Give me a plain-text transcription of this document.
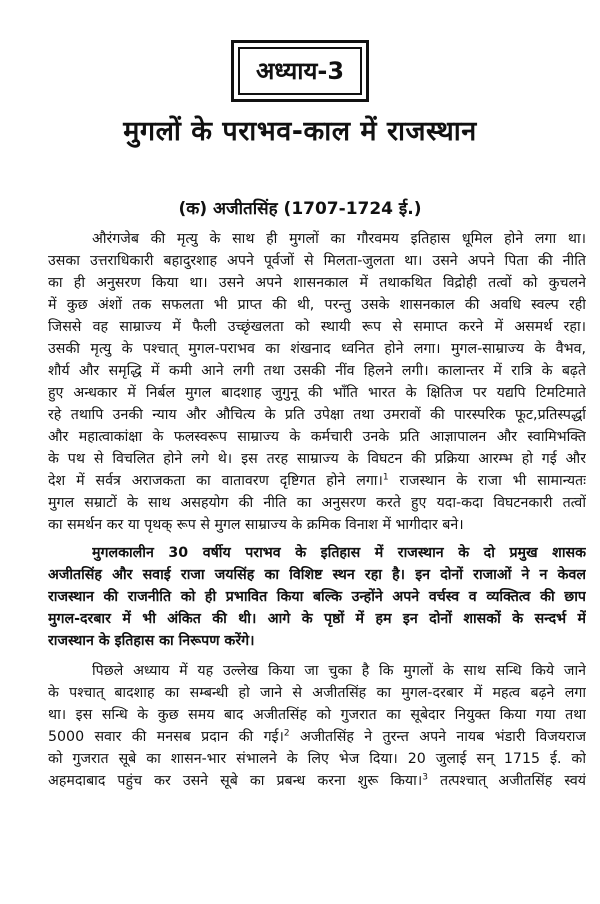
अध्याय-3
मुगलों के पराभव-काल में राजस्थान
(क) अजीतसिंह (1707-1724 ई.)
औरंगजेब की मृत्यु के साथ ही मुगलों का गौरवमय इतिहास धूमिल होने लगा था।
उसका उत्तराधिकारी बहादुरशाह अपने पूर्वजों से मिलता-जुलता था। उसने अपने पिता की नीति
का ही अनुसरण किया था। उसने अपने शासनकाल में तथाकथित विद्रोही तत्वों को कुचलने
में कुछ अंशों तक सफलता भी प्राप्त की थी, परन्तु उसके शासनकाल की अवधि स्वल्प रही
जिससे वह साम्राज्य में फैली उच्छृंखलता को स्थायी रूप से समाप्त करने में असमर्थ रहा।
उसकी मृत्यु के पश्चात् मुगल-पराभव का शंखनाद ध्वनित होने लगा। मुगल-साम्राज्य के वैभव,
शौर्य और समृद्धि में कमी आने लगी तथा उसकी नींव हिलने लगी। कालान्तर में रात्रि के बढ़ते
हुए अन्धकार में निर्बल मुगल बादशाह जुगुनू की भाँति भारत के क्षितिज पर यद्यपि टिमटिमाते
रहे तथापि उनकी न्याय और औचित्य के प्रति उपेक्षा तथा उमरावों की पारस्परिक फूट,प्रतिस्पर्द्धा
और महात्वाकांक्षा के फलस्वरूप साम्राज्य के कर्मचारी उनके प्रति आज्ञापालन और स्वामिभक्ति
के पथ से विचलित होने लगे थे। इस तरह साम्राज्य के विघटन की प्रक्रिया आरम्भ हो गई और
देश में सर्वत्र अराजकता का वातावरण दृष्टिगत होने लगा।$^1$ राजस्थान के राजा भी सामान्यतः
मुगल सम्राटों के साथ असहयोग की नीति का अनुसरण करते हुए यदा-कदा विघटनकारी तत्वों
का समर्थन कर या पृथक् रूप से मुगल साम्राज्य के क्रमिक विनाश में भागीदार बने।
मुगलकालीन 30 वर्षीय पराभव के इतिहास में राजस्थान के दो प्रमुख शासक
अजीतसिंह और सवाई राजा जयसिंह का विशिष्ट स्थन रहा है। इन दोनों राजाओं ने न केवल
राजस्थान की राजनीति को ही प्रभावित किया बल्कि उन्होंने अपने वर्चस्व व व्यक्तित्व की छाप
मुगल-दरबार में भी अंकित की थी। आगे के पृष्ठों में हम इन दोनों शासकों के सन्दर्भ में
राजस्थान के इतिहास का निरूपण करेंगे।
पिछले अध्याय में यह उल्लेख किया जा चुका है कि मुगलों के साथ सन्धि किये जाने
के पश्चात् बादशाह का सम्बन्धी हो जाने से अजीतसिंह का मुगल-दरबार में महत्व बढ़ने लगा
था। इस सन्धि के कुछ समय बाद अजीतसिंह को गुजरात का सूबेदार नियुक्त किया गया तथा
5000 सवार की मनसब प्रदान की गई।$^2$ अजीतसिंह ने तुरन्त अपने नायब भंडारी विजयराज
को गुजरात सूबे का शासन-भार संभालने के लिए भेज दिया। 20 जुलाई सन् 1715 ई. को
अहमदाबाद पहुंच कर उसने सूबे का प्रबन्ध करना शुरू किया।$^3$ तत्पश्चात् अजीतसिंह स्वयं
